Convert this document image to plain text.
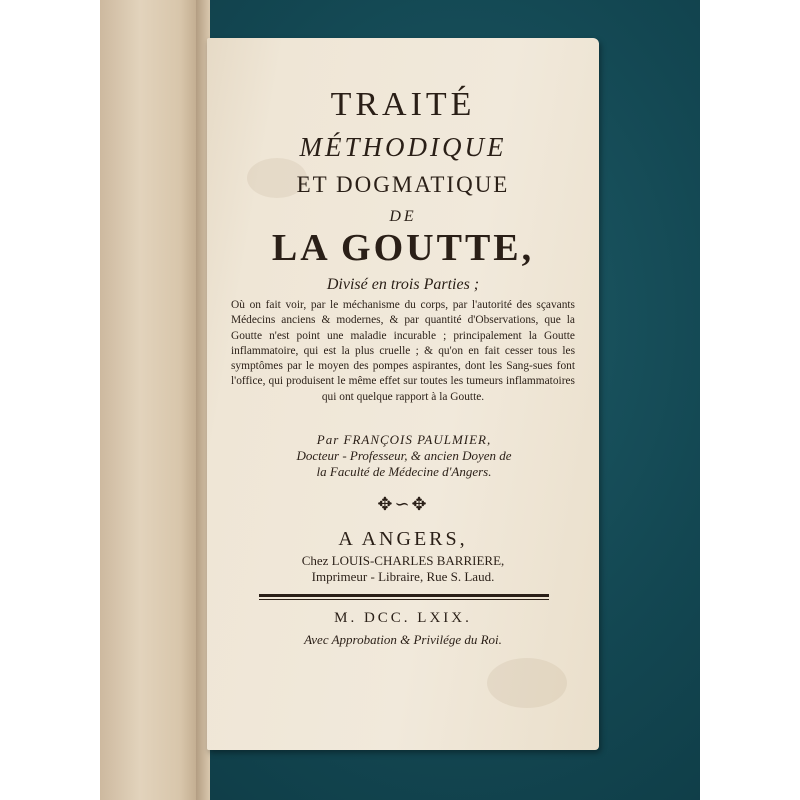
TRAITÉ
MÉTHODIQUE
ET DOGMATIQUE
DE
LA GOUTTE,
Divisé en trois Parties ;
Où on fait voir, par le méchanisme du corps, par l'autorité des sçavants Médecins anciens & modernes, & par quantité d'Observations, que la Goutte n'est point une maladie incurable ; principalement la Goutte inflammatoire, qui est la plus cruelle ; & qu'on en fait cesser tous les symptômes par le moyen des pompes aspirantes, dont les Sang-sues font l'office, qui produisent le même effet sur toutes les tumeurs inflammatoires qui ont quelque rapport à la Goutte.
Par FRANÇOIS PAULMIER,
Docteur - Professeur, & ancien Doyen de
la Faculté de Médecine d'Angers.
✥∽✥
A ANGERS,
Chez LOUIS-CHARLES BARRIERE,
Imprimeur - Libraire, Rue S. Laud.
M. DCC. LXIX.
Avec Approbation & Privilége du Roi.
